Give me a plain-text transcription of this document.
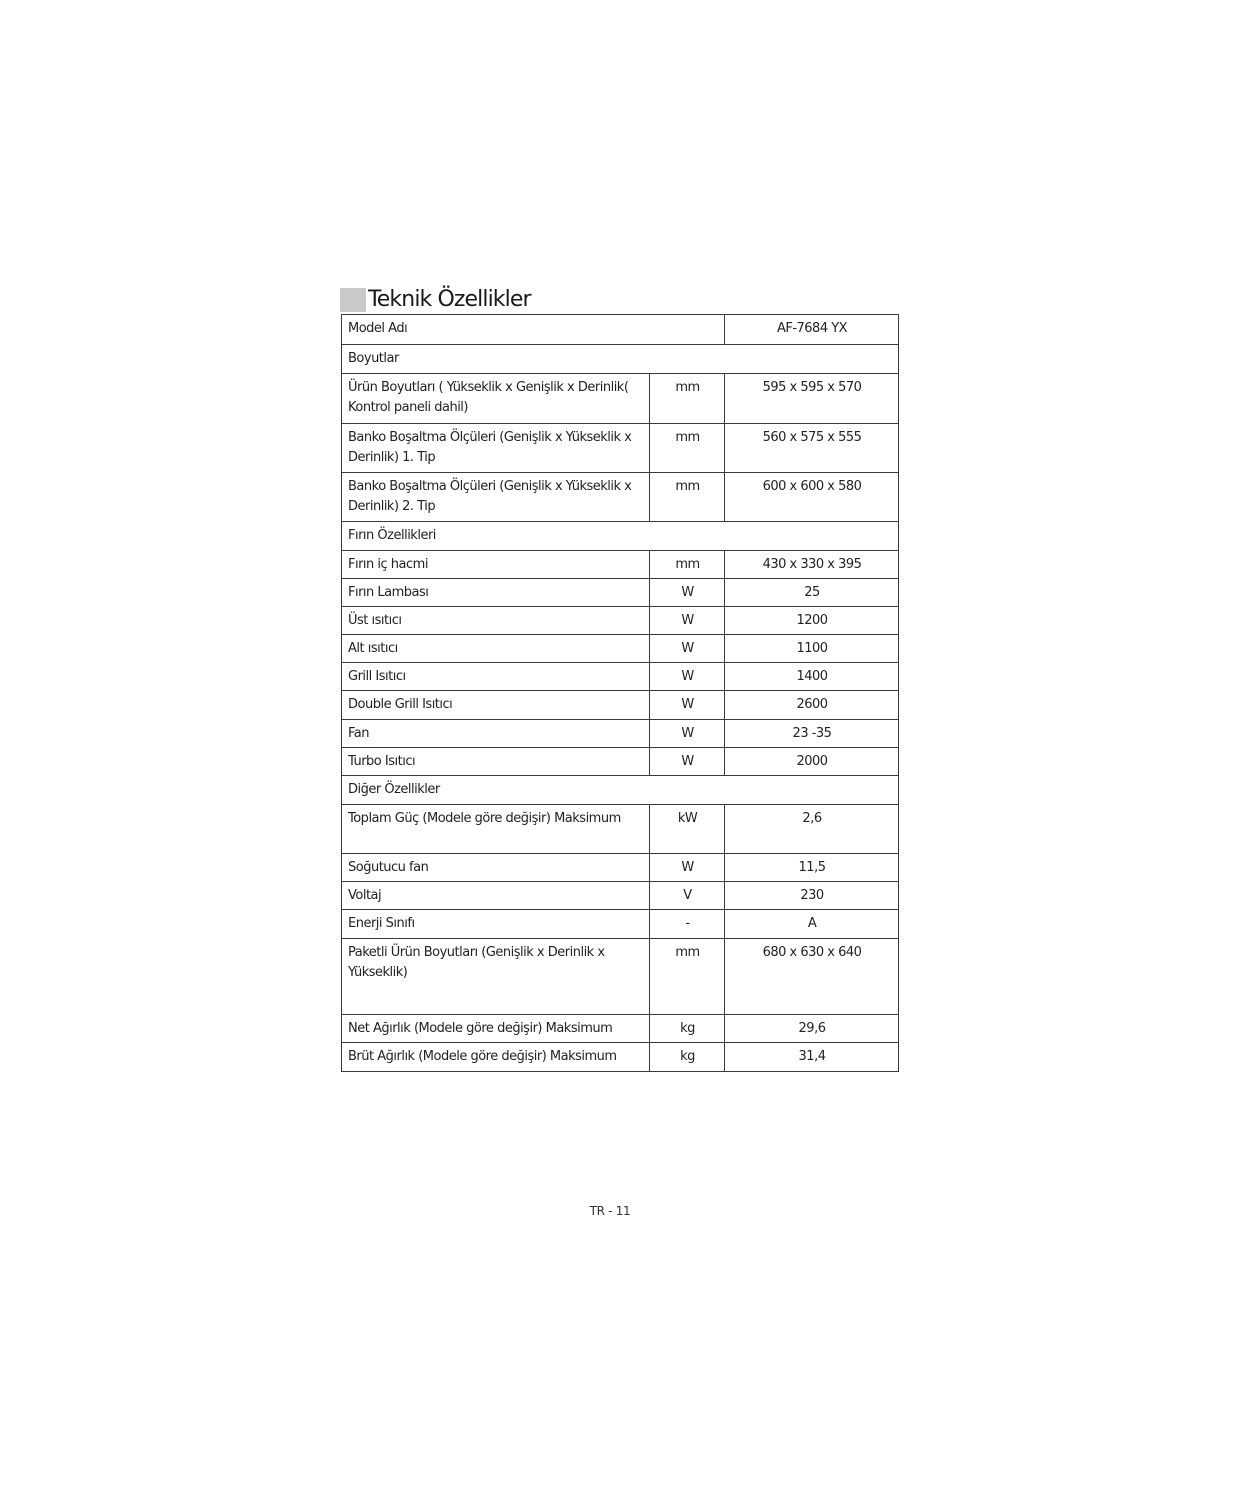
Teknik Özellikler
Model Adı		AF-7684 YX
Boyutlar		
Ürün Boyutları ( Yükseklik x Genişlik x Derinlik( Kontrol paneli dahil)	mm	595 x 595 x 570
Banko Boşaltma Ölçüleri (Genişlik x Yükseklik x Derinlik) 1. Tip	mm	560 x 575 x 555
Banko Boşaltma Ölçüleri (Genişlik x Yükseklik x Derinlik) 2. Tip	mm	600 x 600 x 580
Fırın Özellikleri		
Fırın iç hacmi	mm	430 x 330 x 395
Fırın Lambası	W	25
Üst ısıtıcı	W	1200
Alt ısıtıcı	W	1100
Grill Isıtıcı	W	1400
Double Grill Isıtıcı	W	2600
Fan	W	23 -35
Turbo Isıtıcı	W	2000
Diğer Özellikler		
Toplam Güç (Modele göre değişir) Maksimum	kW	2,6
Soğutucu fan	W	11,5
Voltaj	V	230
Enerji Sınıfı	-	A
Paketli Ürün Boyutları (Genişlik x Derinlik x Yükseklik)	mm	680 x 630 x 640
Net Ağırlık (Modele göre değişir) Maksimum	kg	29,6
Brüt Ağırlık (Modele göre değişir) Maksimum	kg	31,4
TR - 11
